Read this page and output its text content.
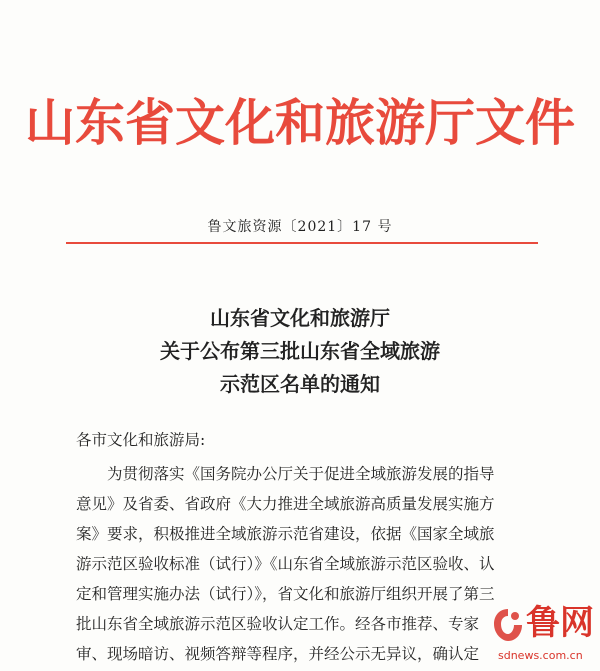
山东省文化和旅游厅文件
鲁文旅资源〔2021〕17 号
山东省文化和旅游厅
关于公布第三批山东省全域旅游
示范区名单的通知
各市文化和旅游局:
　　为贯彻落实《国务院办公厅关于促进全域旅游发展的指导
意见》及省委、省政府《大力推进全域旅游高质量发展实施方
案》要求，积极推进全域旅游示范省建设，依据《国家全域旅
游示范区验收标准（试行）》《山东省全域旅游示范区验收、认
定和管理实施办法（试行）》，省文化和旅游厅组织开展了第三
批山东省全域旅游示范区验收认定工作。经各市推荐、专家
审、现场暗访、视频答辩等程序，并经公示无异议，确认定
鲁网
sdnews.com.cn
